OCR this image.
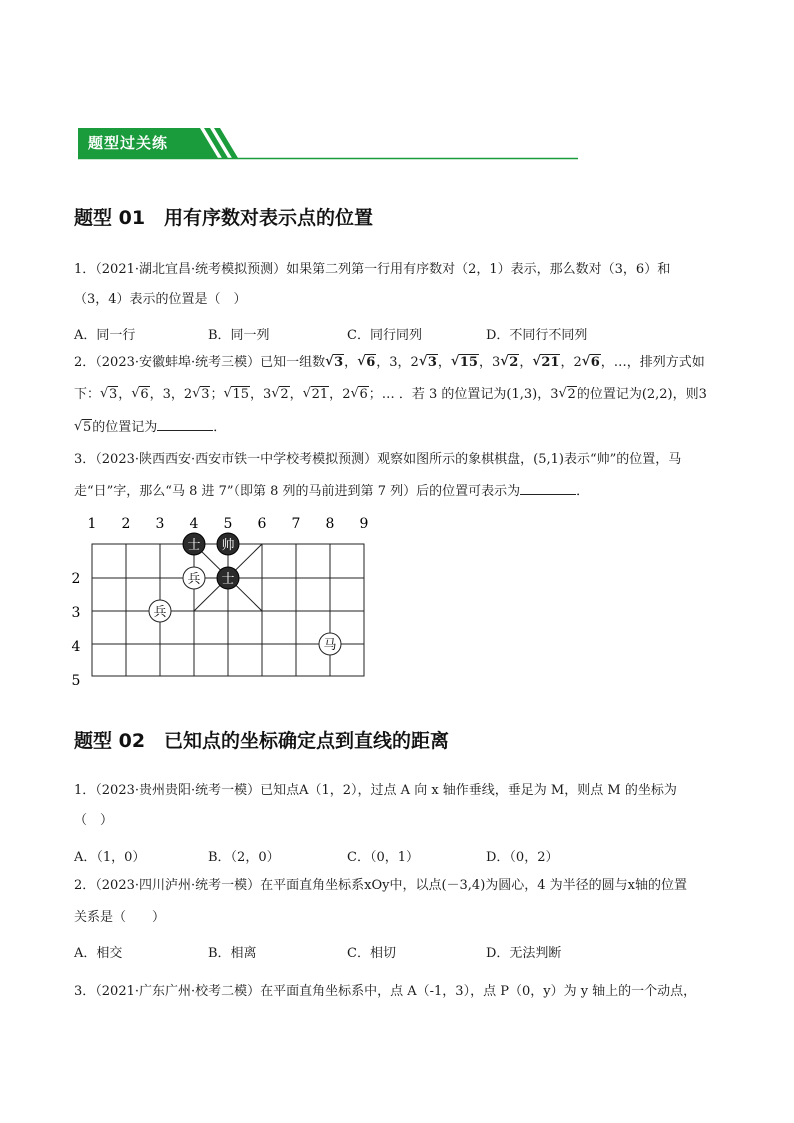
题型过关练
题型 01　用有序数对表示点的位置
1．（2021·湖北宜昌·统考模拟预测）如果第二列第一行用有序数对（2，1）表示，那么数对（3，6）和
（3，4）表示的位置是（　）
A．同一行	B．同一列	C．同行同列	D．不同行不同列
2．（2023·安徽蚌埠·统考三模）已知一组数 √ 3， √ 6，3，2 √ 3， √ 15，3 √ 2， √ 21，2 √ 6，…，排列方式如
下： √ 3， √ 6，3，2 √ 3； √ 15，3 √ 2， √ 21，2 √ 6；… ．若 3 的位置记为(1,3)，3 √ 2的位置记为(2,2)，则3
√ 5的位置记为	．
3．（2023·陕西西安·西安市铁一中学校考模拟预测）观察如图所示的象棋棋盘，(5,1)表示“帅”的位置，马
走“日”字，那么“马 8 进 7”（即第 8 列的马前进到第 7 列）后的位置可表示为	．
1 2 3 4 5 6 7 8 9
2
3
4
5
士 帅
兵 士
兵
马
题型 02　已知点的坐标确定点到直线的距离
1．（2023·贵州贵阳·统考一模）已知点A（1，2），过点 A 向 x 轴作垂线，垂足为 M，则点 M 的坐标为
（　）
A．（1，0）	B．（2，0）	C．（0，1）	D．（0，2）
2．（2023·四川泸州·统考一模）在平面直角坐标系xOy中，以点(－3,4)为圆心，4 为半径的圆与x轴的位置
关系是（　　）
A．相交	B．相离	C．相切	D．无法判断
3．（2021·广东广州·校考二模）在平面直角坐标系中，点 A（-1，3），点 P（0，y）为 y 轴上的一个动点，
